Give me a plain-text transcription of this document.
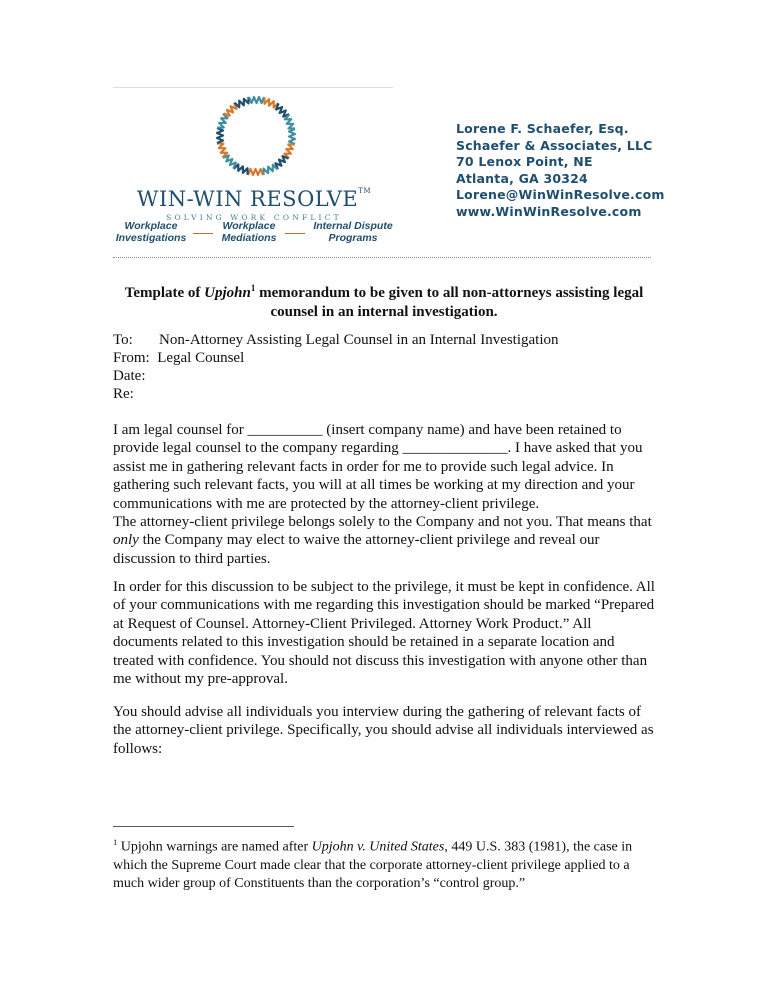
WIN-WIN RESOLVE™
SOLVING WORK CONFLICT
Workplace
Investigations
Workplace
Mediations
Internal Dispute
Programs
Lorene F. Schaefer, Esq.
Schaefer & Associates, LLC
70 Lenox Point, NE
Atlanta, GA 30324
Lorene@WinWinResolve.com
www.WinWinResolve.com
Template of Upjohn$^1$ memorandum to be given to all non-attorneys assisting legal counsel in an internal investigation.
To: Non-Attorney Assisting Legal Counsel in an Internal Investigation
From: Legal Counsel
Date:
Re:
I am legal counsel for __________ (insert company name) and have been retained to provide legal counsel to the company regarding ______________. I have asked that you assist me in gathering relevant facts in order for me to provide such legal advice. In gathering such relevant facts, you will at all times be working at my direction and your communications with me are protected by the attorney-client privilege.
The attorney-client privilege belongs solely to the Company and not you. That means that only the Company may elect to waive the attorney-client privilege and reveal our discussion to third parties.
In order for this discussion to be subject to the privilege, it must be kept in confidence. All of your communications with me regarding this investigation should be marked “Prepared at Request of Counsel. Attorney-Client Privileged. Attorney Work Product.” All documents related to this investigation should be retained in a separate location and treated with confidence. You should not discuss this investigation with anyone other than me without my pre-approval.
You should advise all individuals you interview during the gathering of relevant facts of the attorney-client privilege. Specifically, you should advise all individuals interviewed as follows:
$^1$ Upjohn warnings are named after Upjohn v. United States, 449 U.S. 383 (1981), the case in which the Supreme Court made clear that the corporate attorney-client privilege applied to a much wider group of Constituents than the corporation’s “control group.”
